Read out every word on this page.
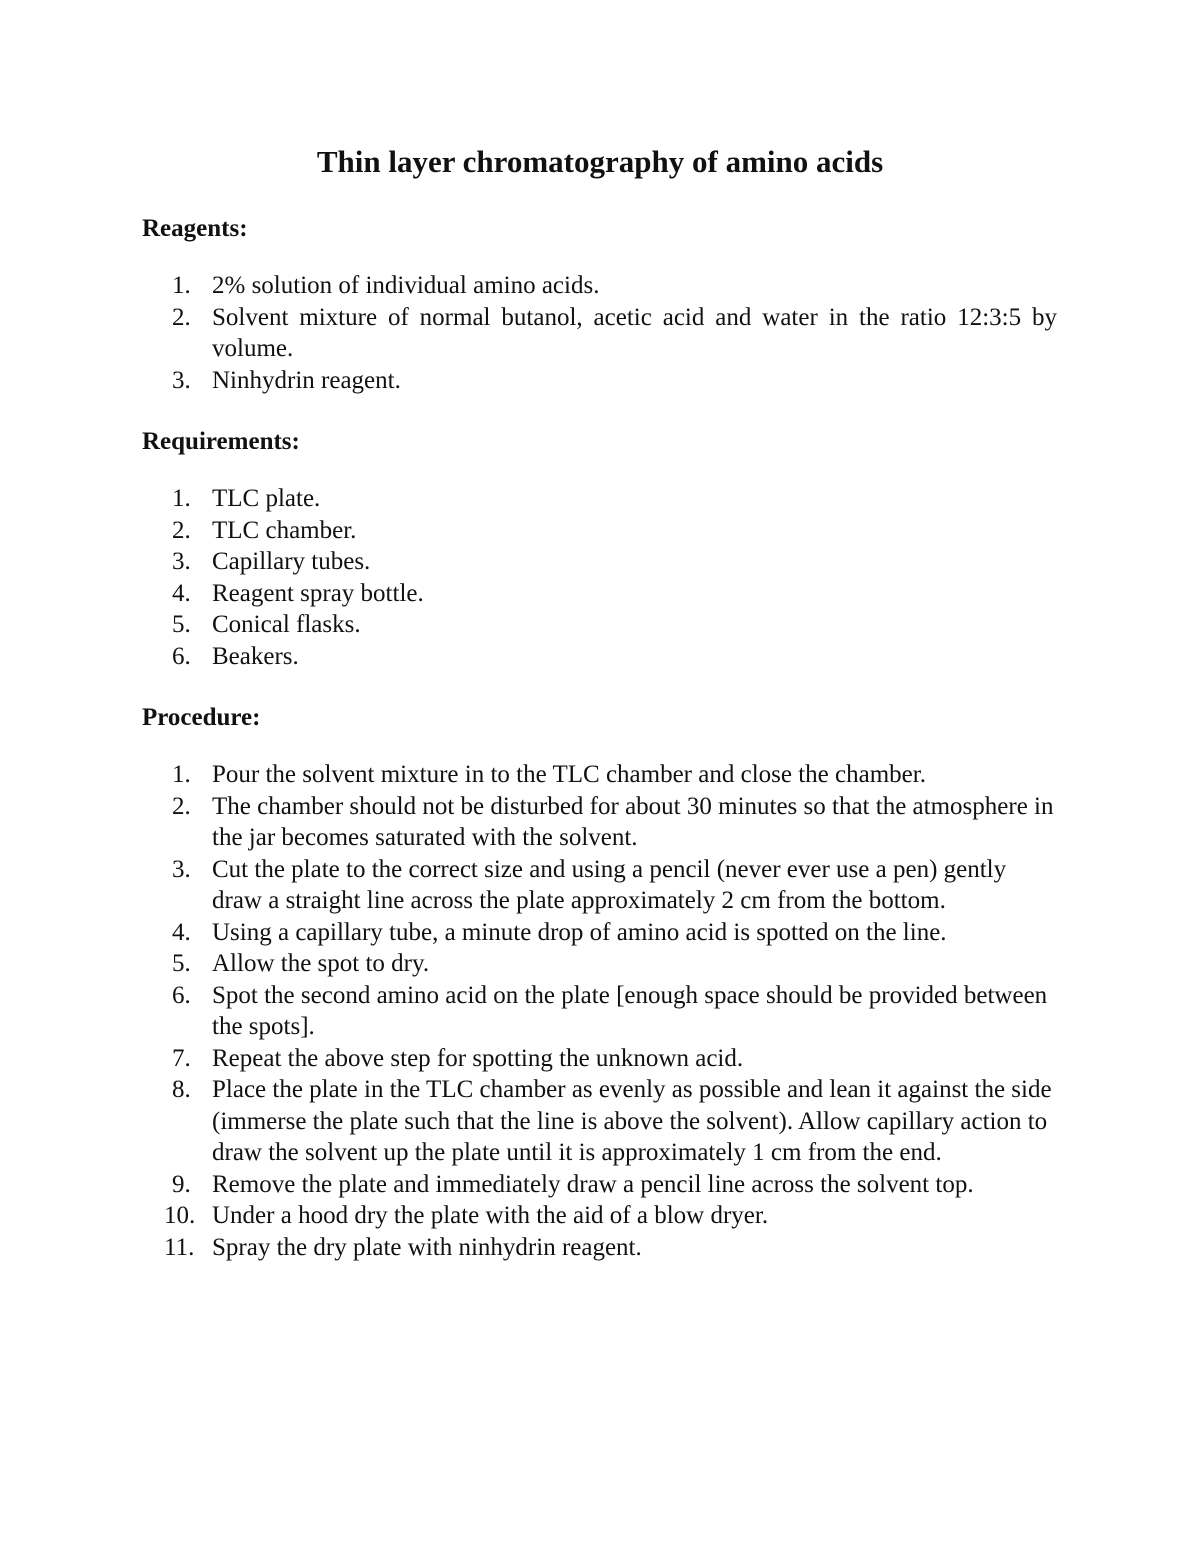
Thin layer chromatography of amino acids
Reagents:
1. 2% solution of individual amino acids.
2. Solvent mixture of normal butanol, acetic acid and water in the ratio 12:3:5 by volume.
3. Ninhydrin reagent.
Requirements:
1. TLC plate.
2. TLC chamber.
3. Capillary tubes.
4. Reagent spray bottle.
5. Conical flasks.
6. Beakers.
Procedure:
1. Pour the solvent mixture in to the TLC chamber and close the chamber.
2. The chamber should not be disturbed for about 30 minutes so that the atmosphere in the jar becomes saturated with the solvent.
3. Cut the plate to the correct size and using a pencil (never ever use a pen) gently draw a straight line across the plate approximately 2 cm from the bottom.
4. Using a capillary tube, a minute drop of amino acid is spotted on the line.
5. Allow the spot to dry.
6. Spot the second amino acid on the plate [enough space should be provided between the spots].
7. Repeat the above step for spotting the unknown acid.
8. Place the plate in the TLC chamber as evenly as possible and lean it against the side (immerse the plate such that the line is above the solvent). Allow capillary action to draw the solvent up the plate until it is approximately 1 cm from the end.
9. Remove the plate and immediately draw a pencil line across the solvent top.
10. Under a hood dry the plate with the aid of a blow dryer.
11. Spray the dry plate with ninhydrin reagent.
